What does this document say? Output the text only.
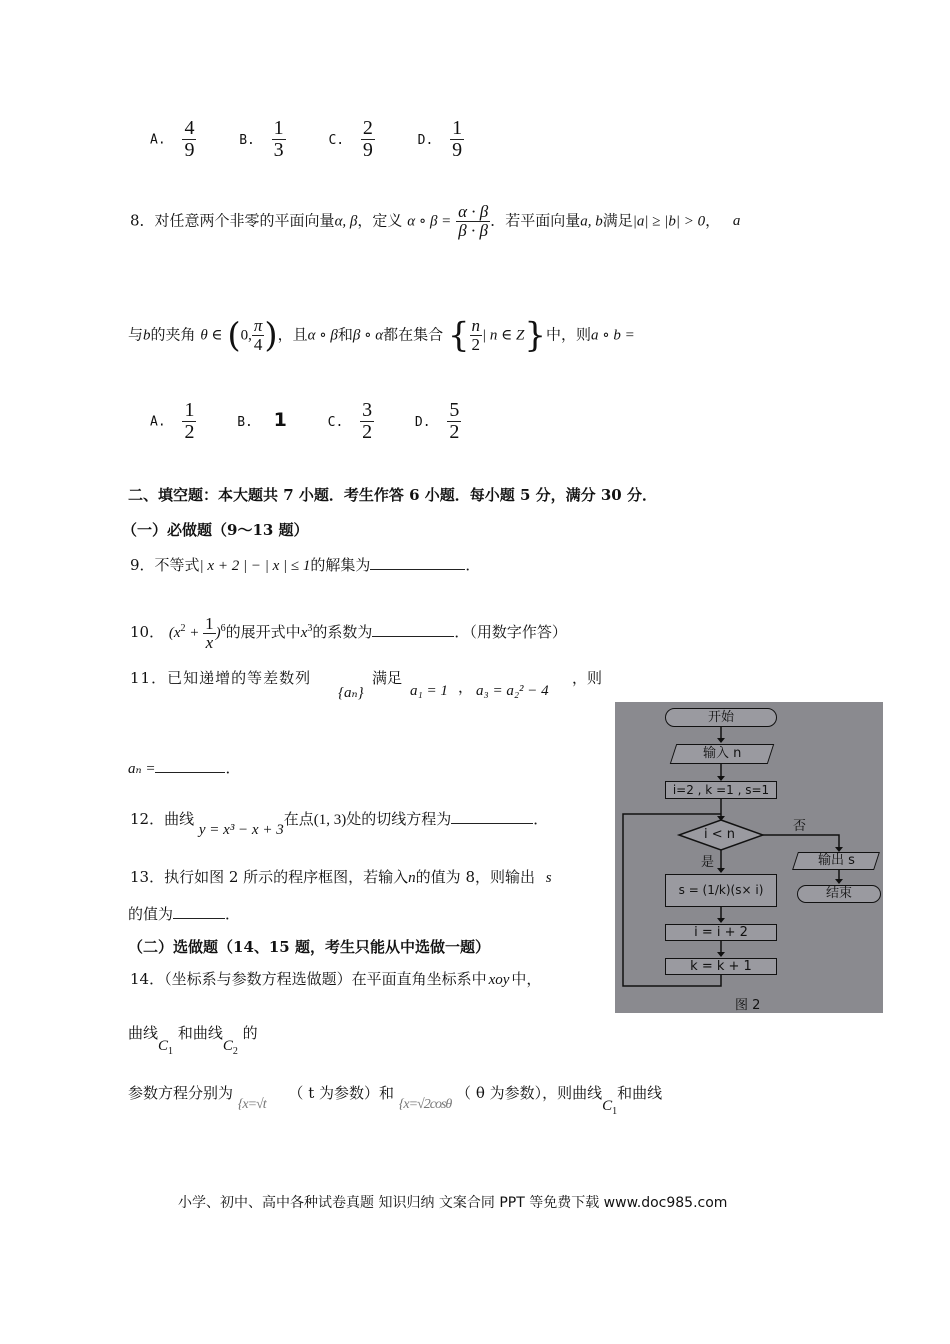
A. $\frac{4}{9}$	B. $\frac{1}{3}$	C. $\frac{2}{9}$	D. $\frac{1}{9}$
8．对任意两个非零的平面向量α, β，定义 α ∘ $\beta = \frac{\alpha \cdot \beta}{\beta \cdot \beta}$ ．若平面向量a, b满足|a| ≥ |b| > 0， a
与b的夹角 θ ∈ (0, $\frac{\pi}{4}$ )，且α ∘ β和β ∘ α都在集合 { $\frac{n}{2}$ | n ∈ Z}中，则a ∘ b =
A. $\frac{1}{2}$	B. 1	C. $\frac{3}{2}$	D. $\frac{5}{2}$
二、填空题：本大题共 7 小题．考生作答 6 小题．每小题 5 分，满分 30 分．
（一）必做题（9～13 题）
9．不等式| x + 2 | − | x | ≤ 1的解集为	．
10． $(x^2 + \frac{1}{x} )^6$的展开式中$x^3$的系数为	．（用数字作答）
11．已知递增的等差数列
{aₙ}
满足
a₁ = 1 ， a₃ = a₂² − 4
，则
aₙ =	．
12．曲线 y = x³ − x + 3在点(1, 3)处的切线方程为	．
13．执行如图 2 所示的程序框图，若输入n的值为 8，则输出 s
的值为	．
（二）选做题（14、15 题，考生只能从中选做一题）
14．（坐标系与参数方程选做题）在平面直角坐标系中 xoy 中，
曲线$C_1$ 和曲线$C_2$ 的
参数方程分别为 {x=√t （ t 为参数）和 {x=√2cosθ （ θ 为参数），则曲线$C_1$和曲线
开始
输入 n
i=2 , k =1 , s=1
i < n
否
是	输出 s
结束
s = (1/k)(s× i)
i = i + 2
k = k + 1
图 2
小学、初中、高中各种试卷真题 知识归纳 文案合同 PPT 等免费下载 www.doc985.com
